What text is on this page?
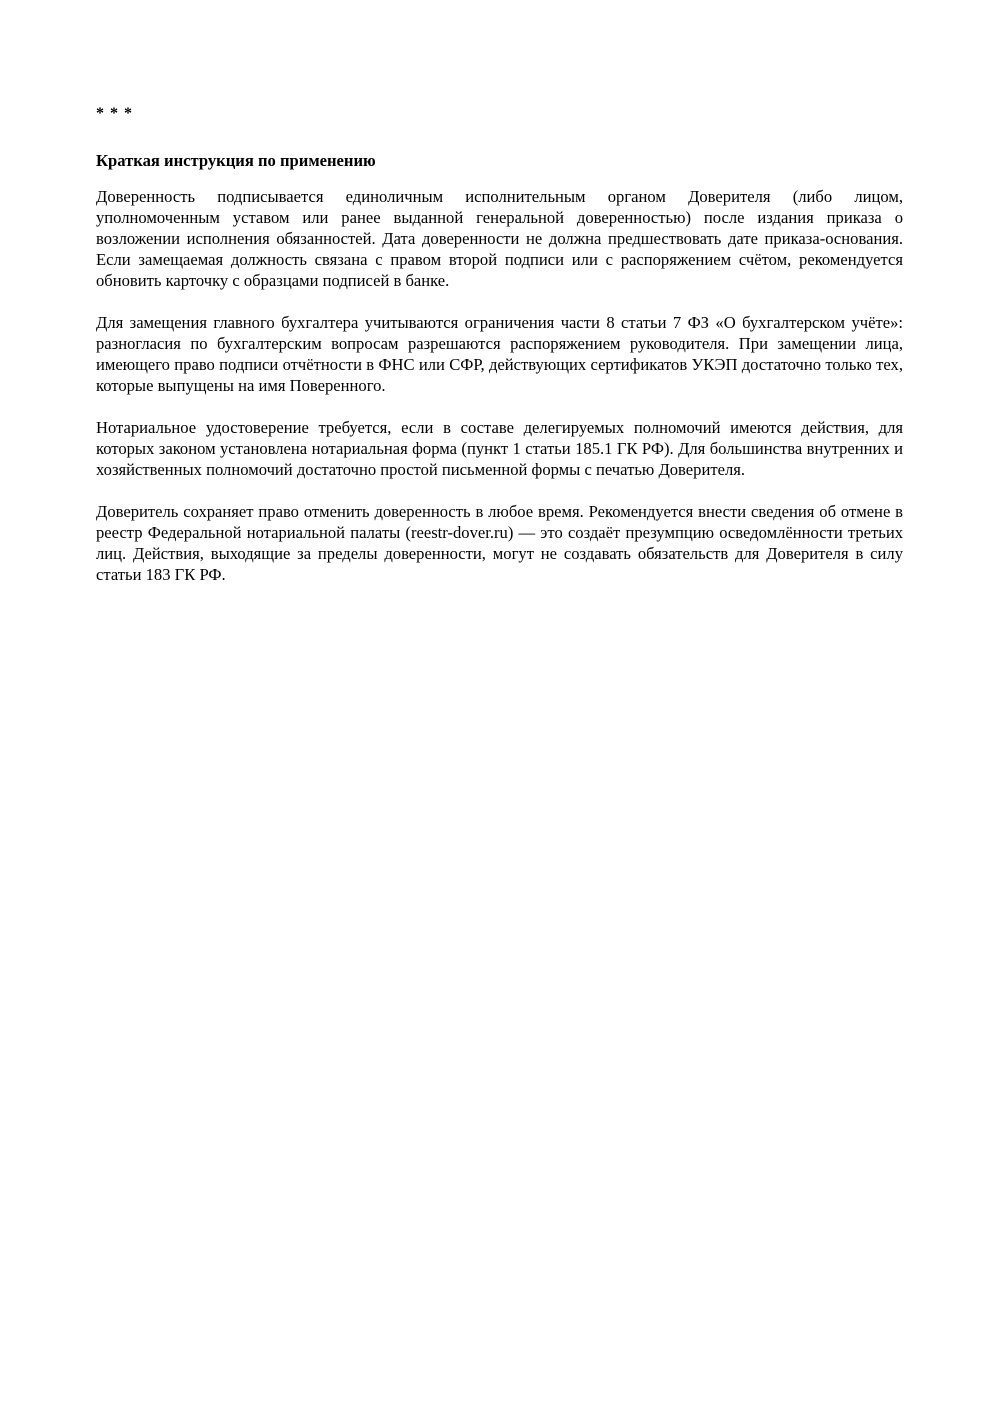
* * *
Краткая инструкция по применению

Доверенность подписывается единоличным исполнительным органом Доверителя (либо лицом, уполномоченным уставом или ранее выданной генеральной доверенностью) после издания приказа о возложении исполнения обязанностей. Дата доверенности не должна предшествовать дате приказа-основания. Если замещаемая должность связана с правом второй подписи или с распоряжением счётом, рекомендуется обновить карточку с образцами подписей в банке.

Для замещения главного бухгалтера учитываются ограничения части 8 статьи 7 ФЗ «О бухгалтерском учёте»: разногласия по бухгалтерским вопросам разрешаются распоряжением руководителя. При замещении лица, имеющего право подписи отчётности в ФНС или СФР, действующих сертификатов УКЭП достаточно только тех, которые выпущены на имя Поверенного.

Нотариальное удостоверение требуется, если в составе делегируемых полномочий имеются действия, для которых законом установлена нотариальная форма (пункт 1 статьи 185.1 ГК РФ). Для большинства внутренних и хозяйственных полномочий достаточно простой письменной формы с печатью Доверителя.

Доверитель сохраняет право отменить доверенность в любое время. Рекомендуется внести сведения об отмене в реестр Федеральной нотариальной палаты (reestr-dover.ru) — это создаёт презумпцию осведомлённости третьих лиц. Действия, выходящие за пределы доверенности, могут не создавать обязательств для Доверителя в силу статьи 183 ГК РФ.
